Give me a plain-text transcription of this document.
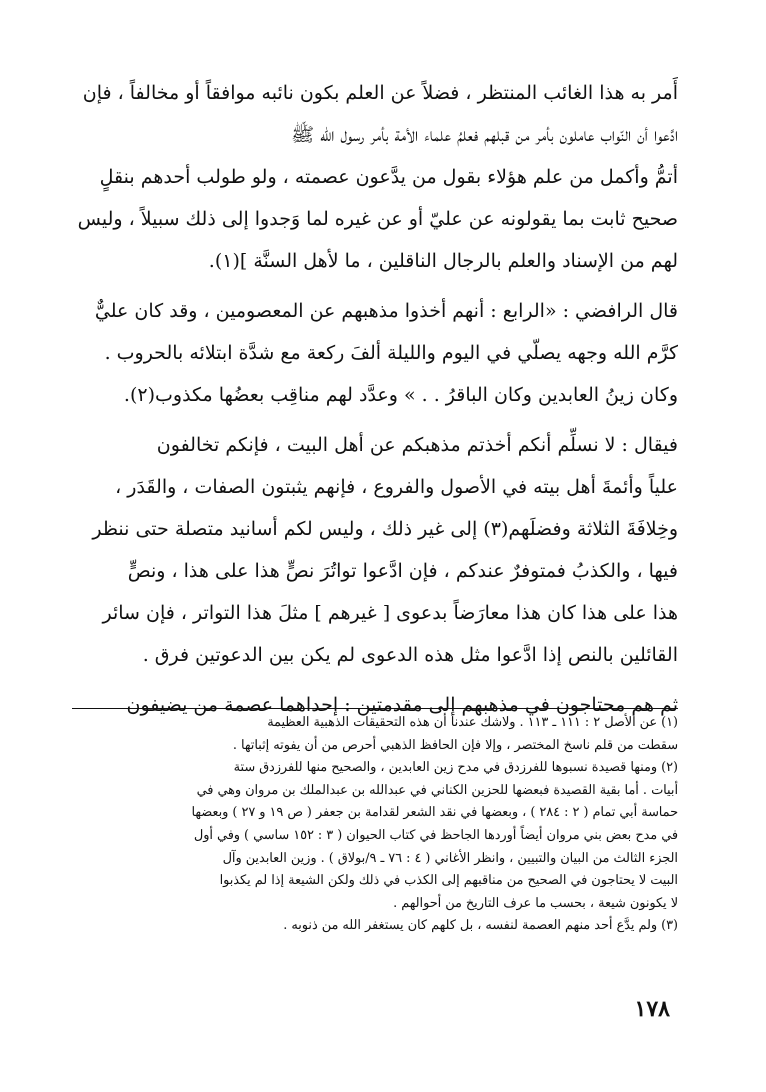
أَمر به هذا الغائب المنتظر ، فضلاً عن العلم بكون نائبه موافقاً أو مخالفاً ، فإن
ادَّعوا أن النّواب عاملون بأمر من قبلهم فعلمُ علماء الأمة بأمر رسول الله ﷺ
أتمُّ وأكمل من علم هؤلاء بقول من يدَّعون عصمته ، ولو طولب أحدهم بنقلٍ
صحيح ثابت بما يقولونه عن عليّ أو عن غيره لما وَجدوا إلى ذلك سبيلاً ، وليس
لهم من الإسناد والعلم بالرجال الناقلين ، ما لأهل السنَّة ](١).
قال الرافضي : «الرابع : أنهم أخذوا مذهبهم عن المعصومين ، وقد كان عليٌّ
كرَّم الله وجهه يصلّي في اليوم والليلة ألفَ ركعة مع شدَّة ابتلائه بالحروب .
وكان زينُ العابدين وكان الباقرُ . . » وعدَّد لهم مناقِب بعضُها مكذوب(٢).
فيقال : لا نسلِّم أنكم أخذتم مذهبكم عن أهل البيت ، فإنكم تخالفون
علياً وأئمةَ أهل بيته في الأصول والفروع ، فإنهم يثبتون الصفات ، والقَدَر ،
وخِلافَةَ الثلاثة وفضلَهم(٣) إلى غير ذلك ، وليس لكم أسانيد متصلة حتى ننظر
فيها ، والكذبُ فمتوفرٌ عندكم ، فإن ادَّعوا تواتُرَ نصٍّ هذا على هذا ، ونصٍّ
هذا على هذا كان هذا معارَضاً بدعوى [ غيرهم ] مثلَ هذا التواتر ، فإن سائر
القائلين بالنص إذا ادَّعوا مثل هذه الدعوى لم يكن بين الدعوتين فرق .
ثم هم محتاجون في مذهبهم إلى مقدمتين : إحداهما عصمة من يضيفون
(١) عن الأصل ٢ : ١١١ ـ ١١٣ . ولاشك عندنا أن هذه التحقيقات الذهبية العظيمة
سقطت من قلم ناسخ المختصر ، وإلا فإن الحافظ الذهبي أحرص من أن يفوته إثباتها .
(٢) ومنها قصيدة نسبوها للفرزدق في مدح زين العابدين ، والصحيح منها للفرزدق ستة
أبيات . أما بقية القصيدة فبعضها للحزين الكناني في عبدالله بن عبدالملك بن مروان وهي في
حماسة أبي تمام ( ٢ : ٢٨٤ ) ، وبعضها في نقد الشعر لقدامة بن جعفر ( ص ١٩ و ٢٧ ) وبعضها
في مدح بعض بني مروان أيضاً أوردها الجاحظ في كتاب الحيوان ( ٣ : ١٥٢ ساسي ) وفي أول
الجزء الثالث من البيان والتبيين ، وانظر الأغاني ( ٤ : ٧٦ ـ ٩/بولاق ) . وزين العابدين وآل
البيت لا يحتاجون في الصحيح من مناقبهم إلى الكذب في ذلك ولكن الشيعة إذا لم يكذبوا
لا يكونون شيعة ، بحسب ما عرف التاريخ من أحوالهم .
(٣) ولم يدَّع أحد منهم العصمة لنفسه ، بل كلهم كان يستغفر الله من ذنوبه .
١٧٨
